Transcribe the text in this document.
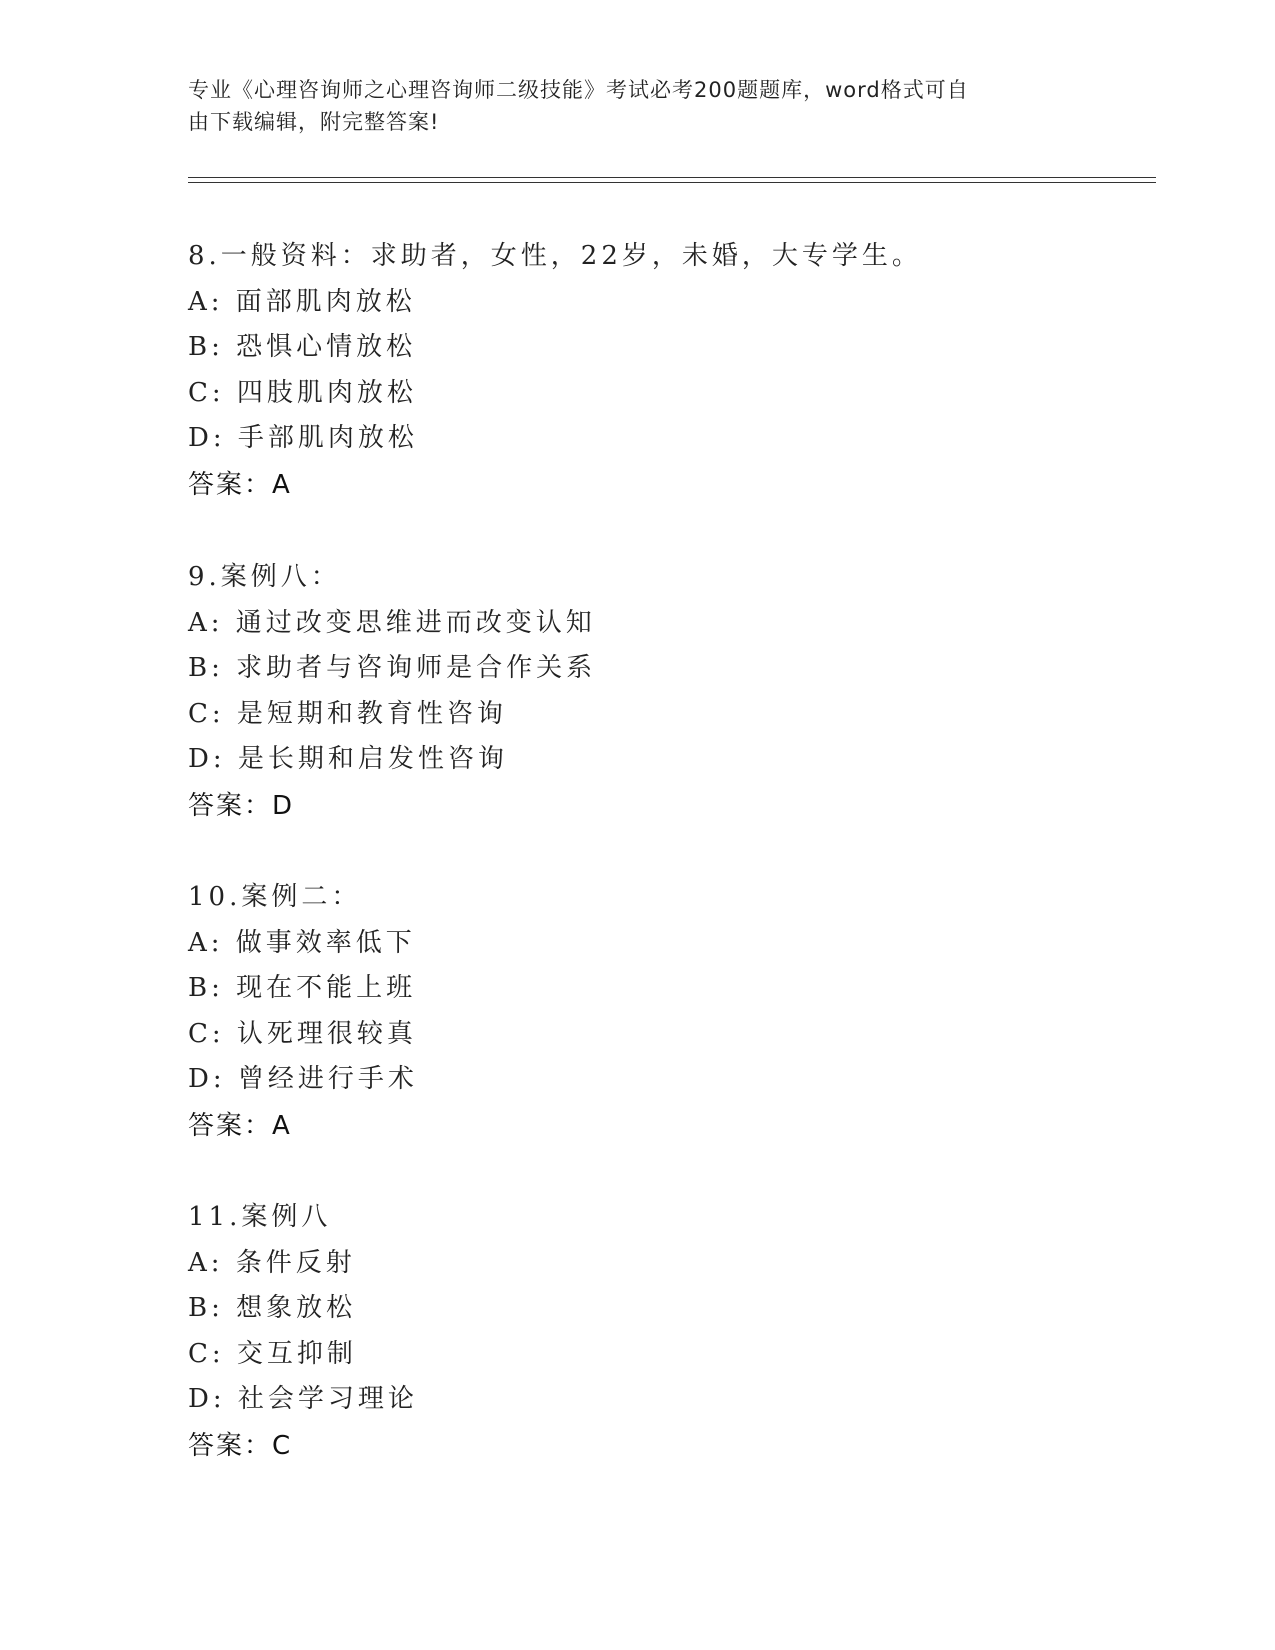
专业《心理咨询师之心理咨询师二级技能》考试必考200题题库，word格式可自
由下载编辑，附完整答案!
8.一般资料：求助者，女性，22岁，未婚，大专学生。
A: 面部肌肉放松
B: 恐惧心情放松
C: 四肢肌肉放松
D: 手部肌肉放松
答案：A
9.案例八：
A: 通过改变思维进而改变认知
B: 求助者与咨询师是合作关系
C: 是短期和教育性咨询
D: 是长期和启发性咨询
答案：D
10.案例二：
A: 做事效率低下
B: 现在不能上班
C: 认死理很较真
D: 曾经进行手术
答案：A
11.案例八
A: 条件反射
B: 想象放松
C: 交互抑制
D: 社会学习理论
答案：C
